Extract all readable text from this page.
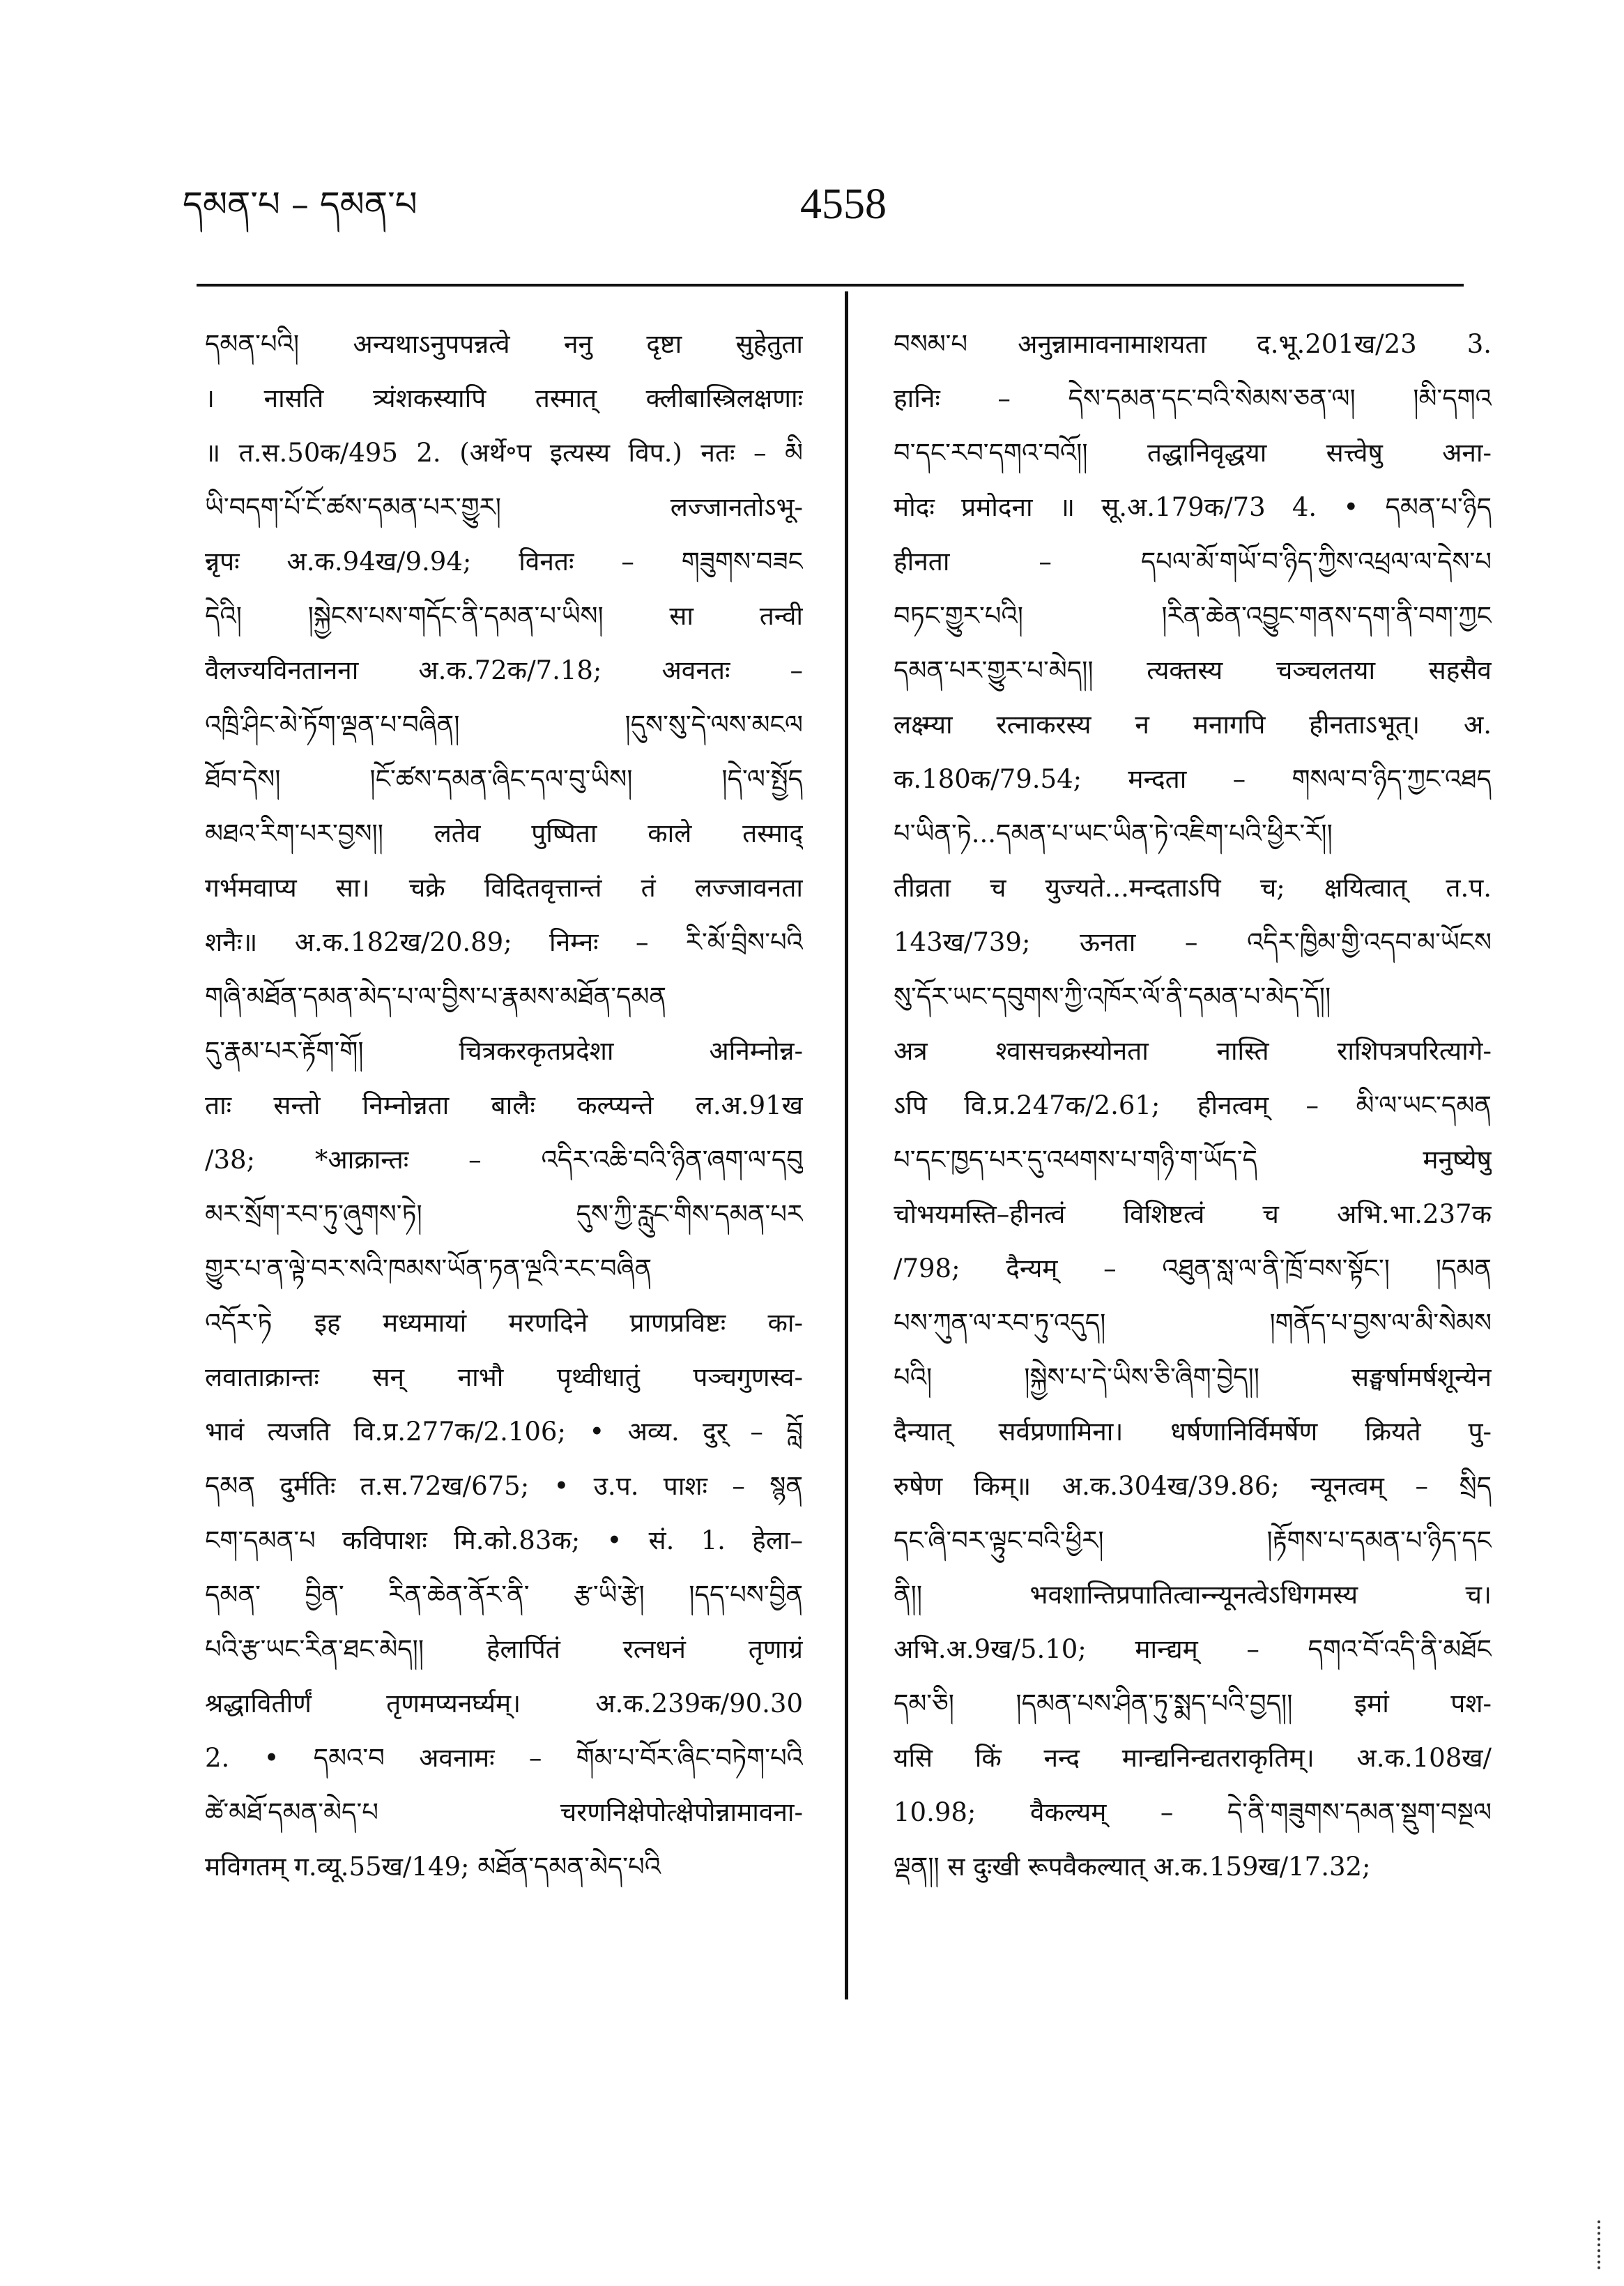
དམན་པ – དམན་པ	4558
དམན་པའི། अन्यथाऽनुपपन्नत्वे ननु दृष्टा सुहेतुता
। नासति त्र्यंशकस्यापि तस्मात् क्लीबास्त्रिलक्षणाः
॥ त.स.50क/495 2. (अर्थे॰प इत्यस्य विप.) नतः – མི
ཡི་བདག་པོ་ངོ་ཚས་དམན་པར་གྱུར། लज्जानतोऽभू-
न्नृपः अ.क.94ख/9.94; विनतः – གཟུགས་བཟང
དེའི། །སྐྱེངས་པས་གདོང་ནི་དམན་པ་ཡིས། सा तन्वी
वैलज्यविनतानना अ.क.72क/7.18; अवनतः –
འཁྲི་ཤིང་མེ་ཏོག་ལྡན་པ་བཞིན། །དུས་སུ་དེ་ལས་མངལ
ཐོབ་དེས། །ངོ་ཚས་དམན་ཞིང་དལ་བུ་ཡིས། །དེ་ལ་སྤྱོད
མཐའ་རིག་པར་བྱས།། लतेव पुष्पिता काले तस्माद्
गर्भमवाप्य सा। चक्रे विदितवृत्तान्तं तं लज्जावनता
शनैः॥ अ.क.182ख/20.89; निम्नः – རི་མོ་བྲིས་པའི
གཞི་མཐོན་དམན་མེད་པ་ལ་བྱིས་པ་རྣམས་མཐོན་དམན
དུ་རྣམ་པར་རྟོག་གོ། चित्रकरकृतप्रदेशा अनिम्नोन्न-
ताः सन्तो निम्नोन्नता बालैः कल्प्यन्ते ल.अ.91ख
/38; *आक्रान्तः – འདིར་འཆི་བའི་ཉིན་ཞག་ལ་དབུ
མར་སྲོག་རབ་ཏུ་ཞུགས་ཏེ། དུས་ཀྱི་རླུང་གིས་དམན་པར
གྱུར་པ་ན་ལྟེ་བར་སའི་ཁམས་ཡོན་ཏན་ལྔའི་རང་བཞིན
འདོར་ཏེ इह मध्यमायां मरणदिने प्राणप्रविष्टः का-
लवाताक्रान्तः सन् नाभौ पृथ्वीधातुं पञ्चगुणस्व-
भावं त्यजति वि.प्र.277क/2.106; • अव्य. दुर् – བློ
དམན दुर्मतिः त.स.72ख/675; • उ.प. पाशः – སྙན
ངག་དམན་པ कविपाशः मि.को.83क; • सं. 1. हेला–
དམན་ བྱིན་ རིན་ཆེན་ནོར་ནི་ རྩ་ཡི་རྩེ། །དད་པས་བྱིན
པའི་རྩ་ཡང་རིན་ཐང་མེད།། हेलार्पितं रत्नधनं तृणाग्रं
श्रद्धावितीर्णं तृणमप्यनर्घ्यम्। अ.क.239क/90.30
2. • དམའ་བ अवनामः – གོམ་པ་བོར་ཞིང་བཏེག་པའི
ཚེ་མཐོ་དམན་མེད་པ चरणनिक्षेपोत्क्षेपोन्नामावना-
मविगतम् ग.व्यू.55ख/149; མཐོན་དམན་མེད་པའི
བསམ་པ अनुन्नामावनामाशयता द.भू.201ख/23 3.
हानिः – དེས་དམན་དང་བའི་སེམས་ཅན་ལ། །མི་དགའ
བ་དང་རབ་དགའ་བའོ།། तद्धानिवृद्धया सत्त्वेषु अना-
मोदः प्रमोदना ॥ सू.अ.179क/73 4. • དམན་པ་ཉིད
हीनता – དཔལ་མོ་གཡོ་བ་ཉིད་ཀྱིས་འཕྲལ་ལ་དེས་པ
བཏང་གྱུར་པའི། །རིན་ཆེན་འབྱུང་གནས་དག་ནི་བག་ཀྱང
དམན་པར་གྱུར་པ་མེད།། त्यक्तस्य चञ्चलतया सहसैव
लक्ष्म्या रत्नाकरस्य न मनागपि हीनताऽभूत्। अ.
क.180क/79.54; मन्दता – གསལ་བ་ཉིད་ཀྱང་འཐད
པ་ཡིན་ཏེ...དམན་པ་ཡང་ཡིན་ཏེ་འཇིག་པའི་ཕྱིར་རོ།།
तीव्रता च युज्यते...मन्दताऽपि च; क्षयित्वात् त.प.
143ख/739; ऊनता – འདིར་ཁྱིམ་གྱི་འདབ་མ་ཡོངས
སུ་དོར་ཡང་དབུགས་ཀྱི་འཁོར་ལོ་ནི་དམན་པ་མེད་དོ།།
अत्र श्वासचक्रस्योनता नास्ति राशिपत्रपरित्यागे-
ऽपि वि.प्र.247क/2.61; हीनत्वम् – མི་ལ་ཡང་དམན
པ་དང་ཁྱད་པར་དུ་འཕགས་པ་གཉི་ག་ཡོད་དེ मनुष्येषु
चोभयमस्ति–हीनत्वं विशिष्टत्वं च अभि.भा.237क
/798; दैन्यम् – འཐུན་སླ་ལ་ནི་ཁྲོ་བས་སྟོང་། །དམན
པས་ཀུན་ལ་རབ་ཏུ་འདུད། །གནོད་པ་བྱས་ལ་མི་སེམས
པའི། །སྐྱེས་པ་དེ་ཡིས་ཅི་ཞིག་བྱེད།། सङ्घर्षामर्षशून्येन
दैन्यात् सर्वप्रणामिना। धर्षणानिर्विमर्षेण क्रियते पु-
रुषेण किम्॥ अ.क.304ख/39.86; न्यूनत्वम् – སྲིད
དང་ཞི་བར་ལྟུང་བའི་ཕྱིར། །རྟོགས་པ་དམན་པ་ཉིད་དང
ནི།། भवशान्तिप्रपातित्वान्न्यूनत्वेऽधिगमस्य च।
अभि.अ.9ख/5.10; मान्द्यम् – དགའ་བོ་འདི་ནི་མཐོང
དམ་ཅི། །དམན་པས་ཤིན་ཏུ་སྨད་པའི་བྱད།། इमां पश-
यसि किं नन्द मान्द्यनिन्द्यतराकृतिम्। अ.क.108ख/
10.98; वैकल्यम् – དེ་ནི་གཟུགས་དམན་སྡུག་བསྔལ
ལྡན།། स दुःखी रूपवैकल्यात् अ.क.159ख/17.32;
